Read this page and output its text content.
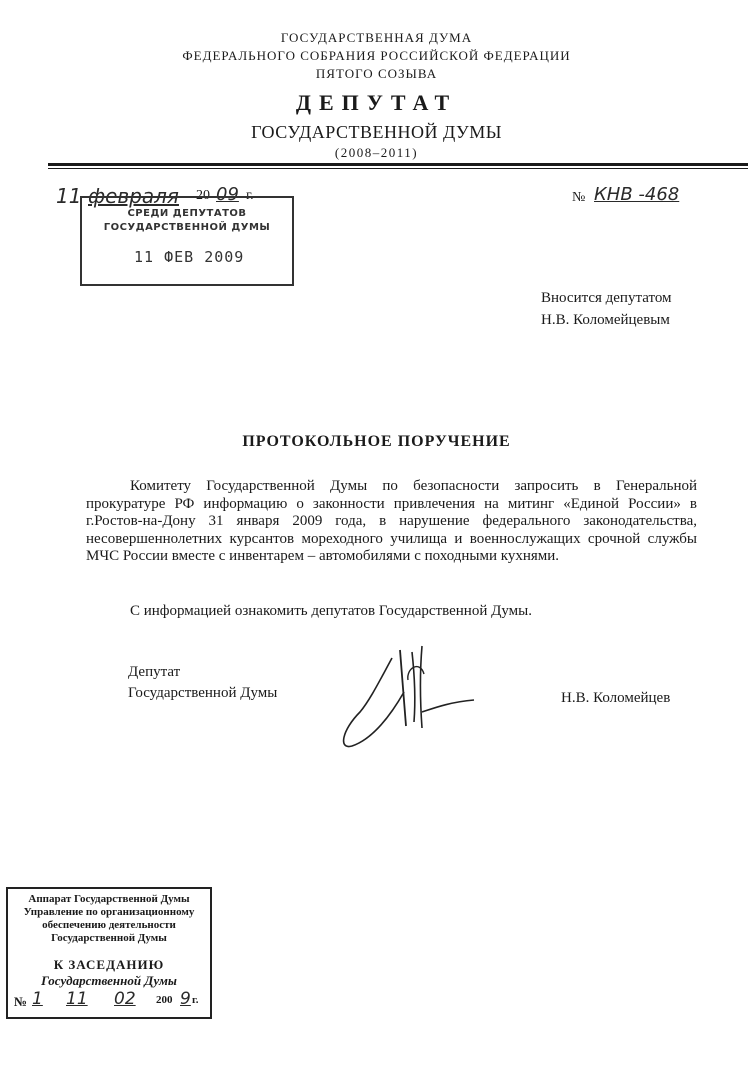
ГОСУДАРСТВЕННАЯ ДУМА
ФЕДЕРАЛЬНОГО СОБРАНИЯ РОССИЙСКОЙ ФЕДЕРАЦИИ
ПЯТОГО СОЗЫВА
ДЕПУТАТ
ГОСУДАРСТВЕННОЙ ДУМЫ
(2008–2011)
11 февраля 20 09 г.
СРЕДИ ДЕПУТАТОВ
ГОСУДАРСТВЕННОЙ ДУМЫ
11 ФЕВ 2009
№ КНВ -468
Вносится депутатом
Н.В. Коломейцевым
ПРОТОКОЛЬНОЕ ПОРУЧЕНИЕ
Комитету Государственной Думы по безопасности запросить в Генеральной прокуратуре РФ информацию о законности привлечения на митинг «Единой России» в г.Ростов-на-Дону 31 января 2009 года, в нарушение федерального законодательства, несовершеннолетних курсантов мореходного училища и военнослужащих срочной службы МЧС России вместе с инвентарем – автомобилями с походными кухнями.
С информацией ознакомить депутатов Государственной Думы.
Депутат
Государственной Думы	Н.В. Коломейцев
Аппарат Государственной Думы
Управление по организационному
обеспечению деятельности
Государственной Думы
К ЗАСЕДАНИЮ
Государственной Думы
№ 1 11 02 200 9 г.
